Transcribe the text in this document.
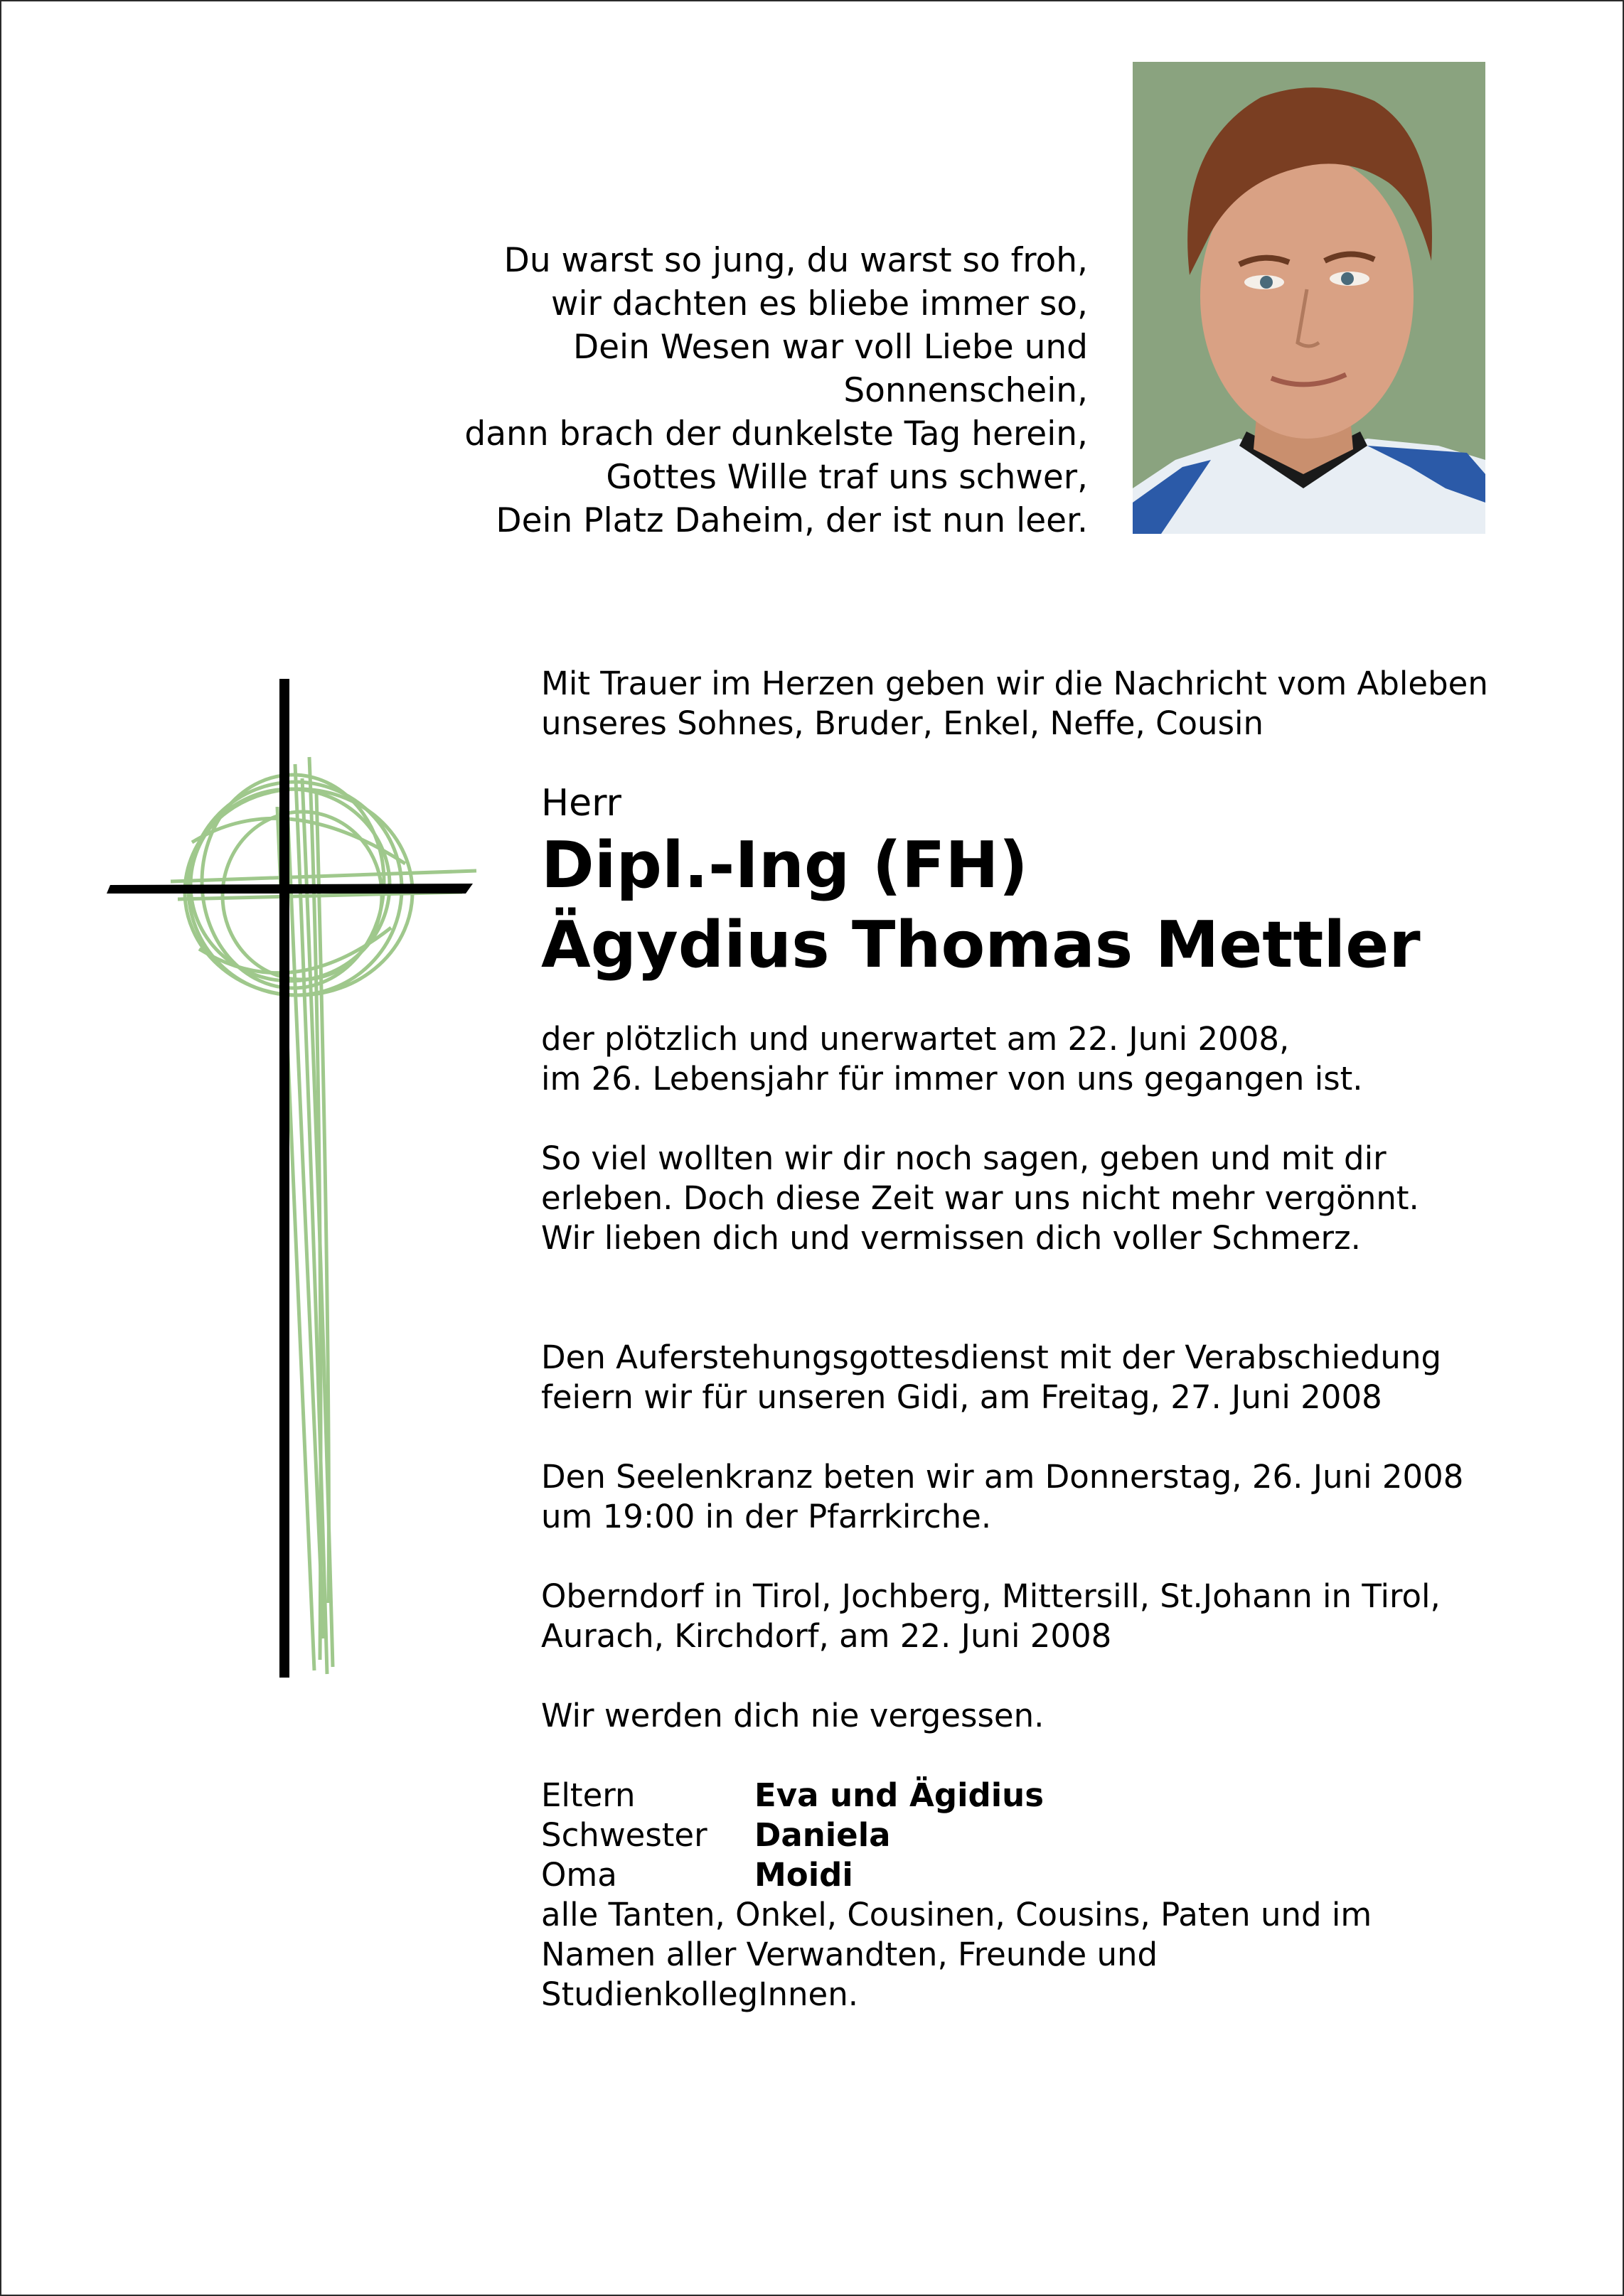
Du warst so jung, du warst so froh,
wir dachten es bliebe immer so,
Dein Wesen war voll Liebe und
Sonnenschein,
dann brach der dunkelste Tag herein,
Gottes Wille traf uns schwer,
Dein Platz Daheim, der ist nun leer.

Mit Trauer im Herzen geben wir die Nachricht vom Ableben

unseres Sohnes, Bruder, Enkel, Neffe, Cousin

Herr

Dipl.-Ing (FH)
Ägydius Thomas Mettler

der plötzlich und unerwartet am 22. Juni 2008,

im 26. Lebensjahr für immer von uns gegangen ist.

So viel wollten wir dir noch sagen, geben und mit dir

erleben. Doch diese Zeit war uns nicht mehr vergönnt.

Wir lieben dich und vermissen dich voller Schmerz.

Den Auferstehungsgottesdienst mit der Verabschiedung

feiern wir für unseren Gidi, am Freitag, 27. Juni 2008

Den Seelenkranz beten wir am Donnerstag, 26. Juni 2008

um 19:00 in der Pfarrkirche.

Oberndorf in Tirol, Jochberg, Mittersill, St.Johann in Tirol,

Aurach, Kirchdorf, am 22. Juni 2008

Wir werden dich nie vergessen.

Eltern	Eva und Ägidius
Schwester	Daniela
Oma	Moidi

alle Tanten, Onkel, Cousinen, Cousins, Paten und im

Namen aller Verwandten, Freunde und

StudienkollegInnen.
